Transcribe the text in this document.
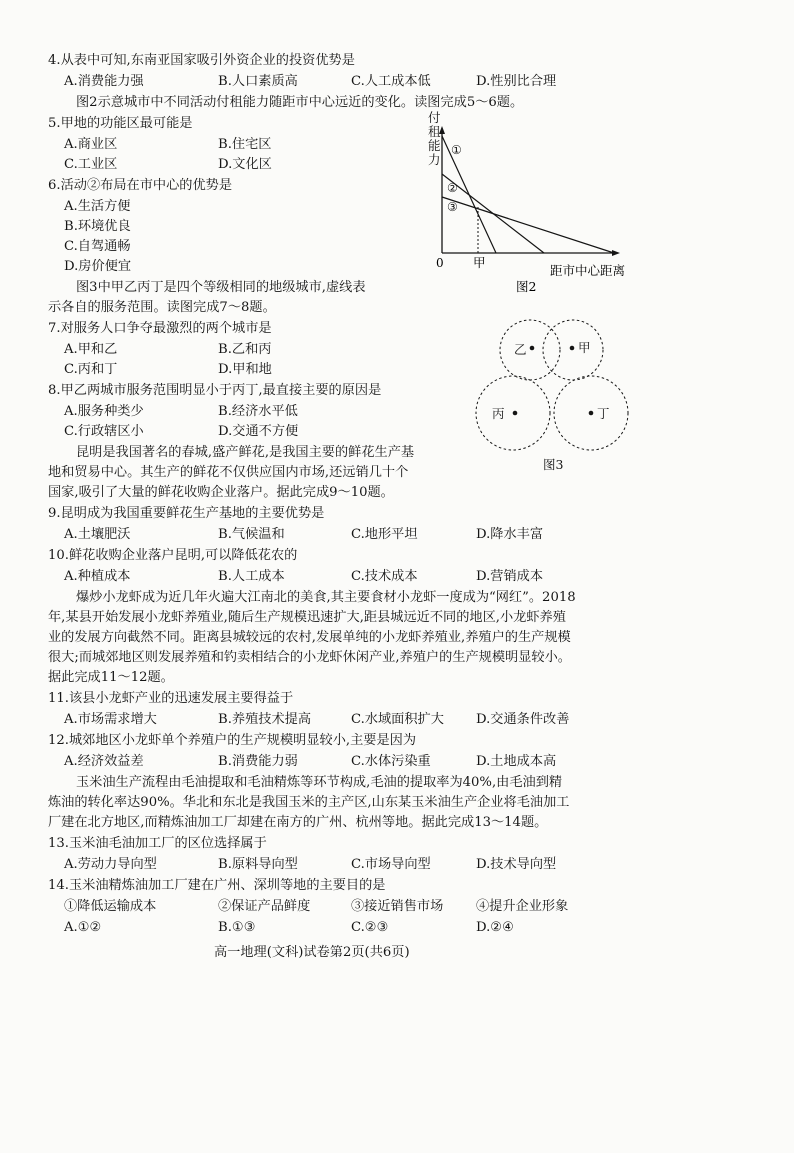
4.从表中可知,东南亚国家吸引外资企业的投资优势是
A.消费能力强	B.人口素质高	C.人工成本低	D.性别比合理
图2示意城市中不同活动付租能力随距市中心远近的变化。读图完成5～6题。
5.甲地的功能区最可能是
A.商业区	B.住宅区
C.工业区	D.文化区
6.活动②布局在市中心的优势是
A.生活方便
B.环境优良
C.自驾通畅
D.房价便宜
付
租
能
力
①
②
③
0 甲
距市中心距离
图2
图3中甲乙丙丁是四个等级相同的地级城市,虚线表
示各自的服务范围。读图完成7～8题。
7.对服务人口争夺最激烈的两个城市是
A.甲和乙	B.乙和丙
C.丙和丁	D.甲和地
8.甲乙两城市服务范围明显小于丙丁,最直接主要的原因是
A.服务种类少	B.经济水平低
C.行政辖区小	D.交通不方便
乙	甲
丙	丁
图3
昆明是我国著名的春城,盛产鲜花,是我国主要的鲜花生产基
地和贸易中心。其生产的鲜花不仅供应国内市场,还远销几十个
国家,吸引了大量的鲜花收购企业落户。据此完成9～10题。
9.昆明成为我国重要鲜花生产基地的主要优势是
A.土壤肥沃	B.气候温和	C.地形平坦	D.降水丰富
10.鲜花收购企业落户昆明,可以降低花农的
A.种植成本	B.人工成本	C.技术成本	D.营销成本
爆炒小龙虾成为近几年火遍大江南北的美食,其主要食材小龙虾一度成为“网红”。2018
年,某县开始发展小龙虾养殖业,随后生产规模迅速扩大,距县城远近不同的地区,小龙虾养殖
业的发展方向截然不同。距离县城较远的农村,发展单纯的小龙虾养殖业,养殖户的生产规模
很大;而城郊地区则发展养殖和钓卖相结合的小龙虾休闲产业,养殖户的生产规模明显较小。
据此完成11～12题。
11.该县小龙虾产业的迅速发展主要得益于
A.市场需求增大	B.养殖技术提高	C.水域面积扩大 D.交通条件改善
12.城郊地区小龙虾单个养殖户的生产规模明显较小,主要是因为
A.经济效益差	B.消费能力弱	C.水体污染重	D.土地成本高
玉米油生产流程由毛油提取和毛油精炼等环节构成,毛油的提取率为40%,由毛油到精
炼油的转化率达90%。华北和东北是我国玉米的主产区,山东某玉米油生产企业将毛油加工
厂建在北方地区,而精炼油加工厂却建在南方的广州、杭州等地。据此完成13～14题。
13.玉米油毛油加工厂的区位选择属于
A.劳动力导向型	B.原料导向型	C.市场导向型	D.技术导向型
14.玉米油精炼油加工厂建在广州、深圳等地的主要目的是
①降低运输成本	②保证产品鲜度	③接近销售市场 ④提升企业形象
A.①②	B.①③	C.②③	D.②④
高一地理(文科)试卷第2页(共6页)
